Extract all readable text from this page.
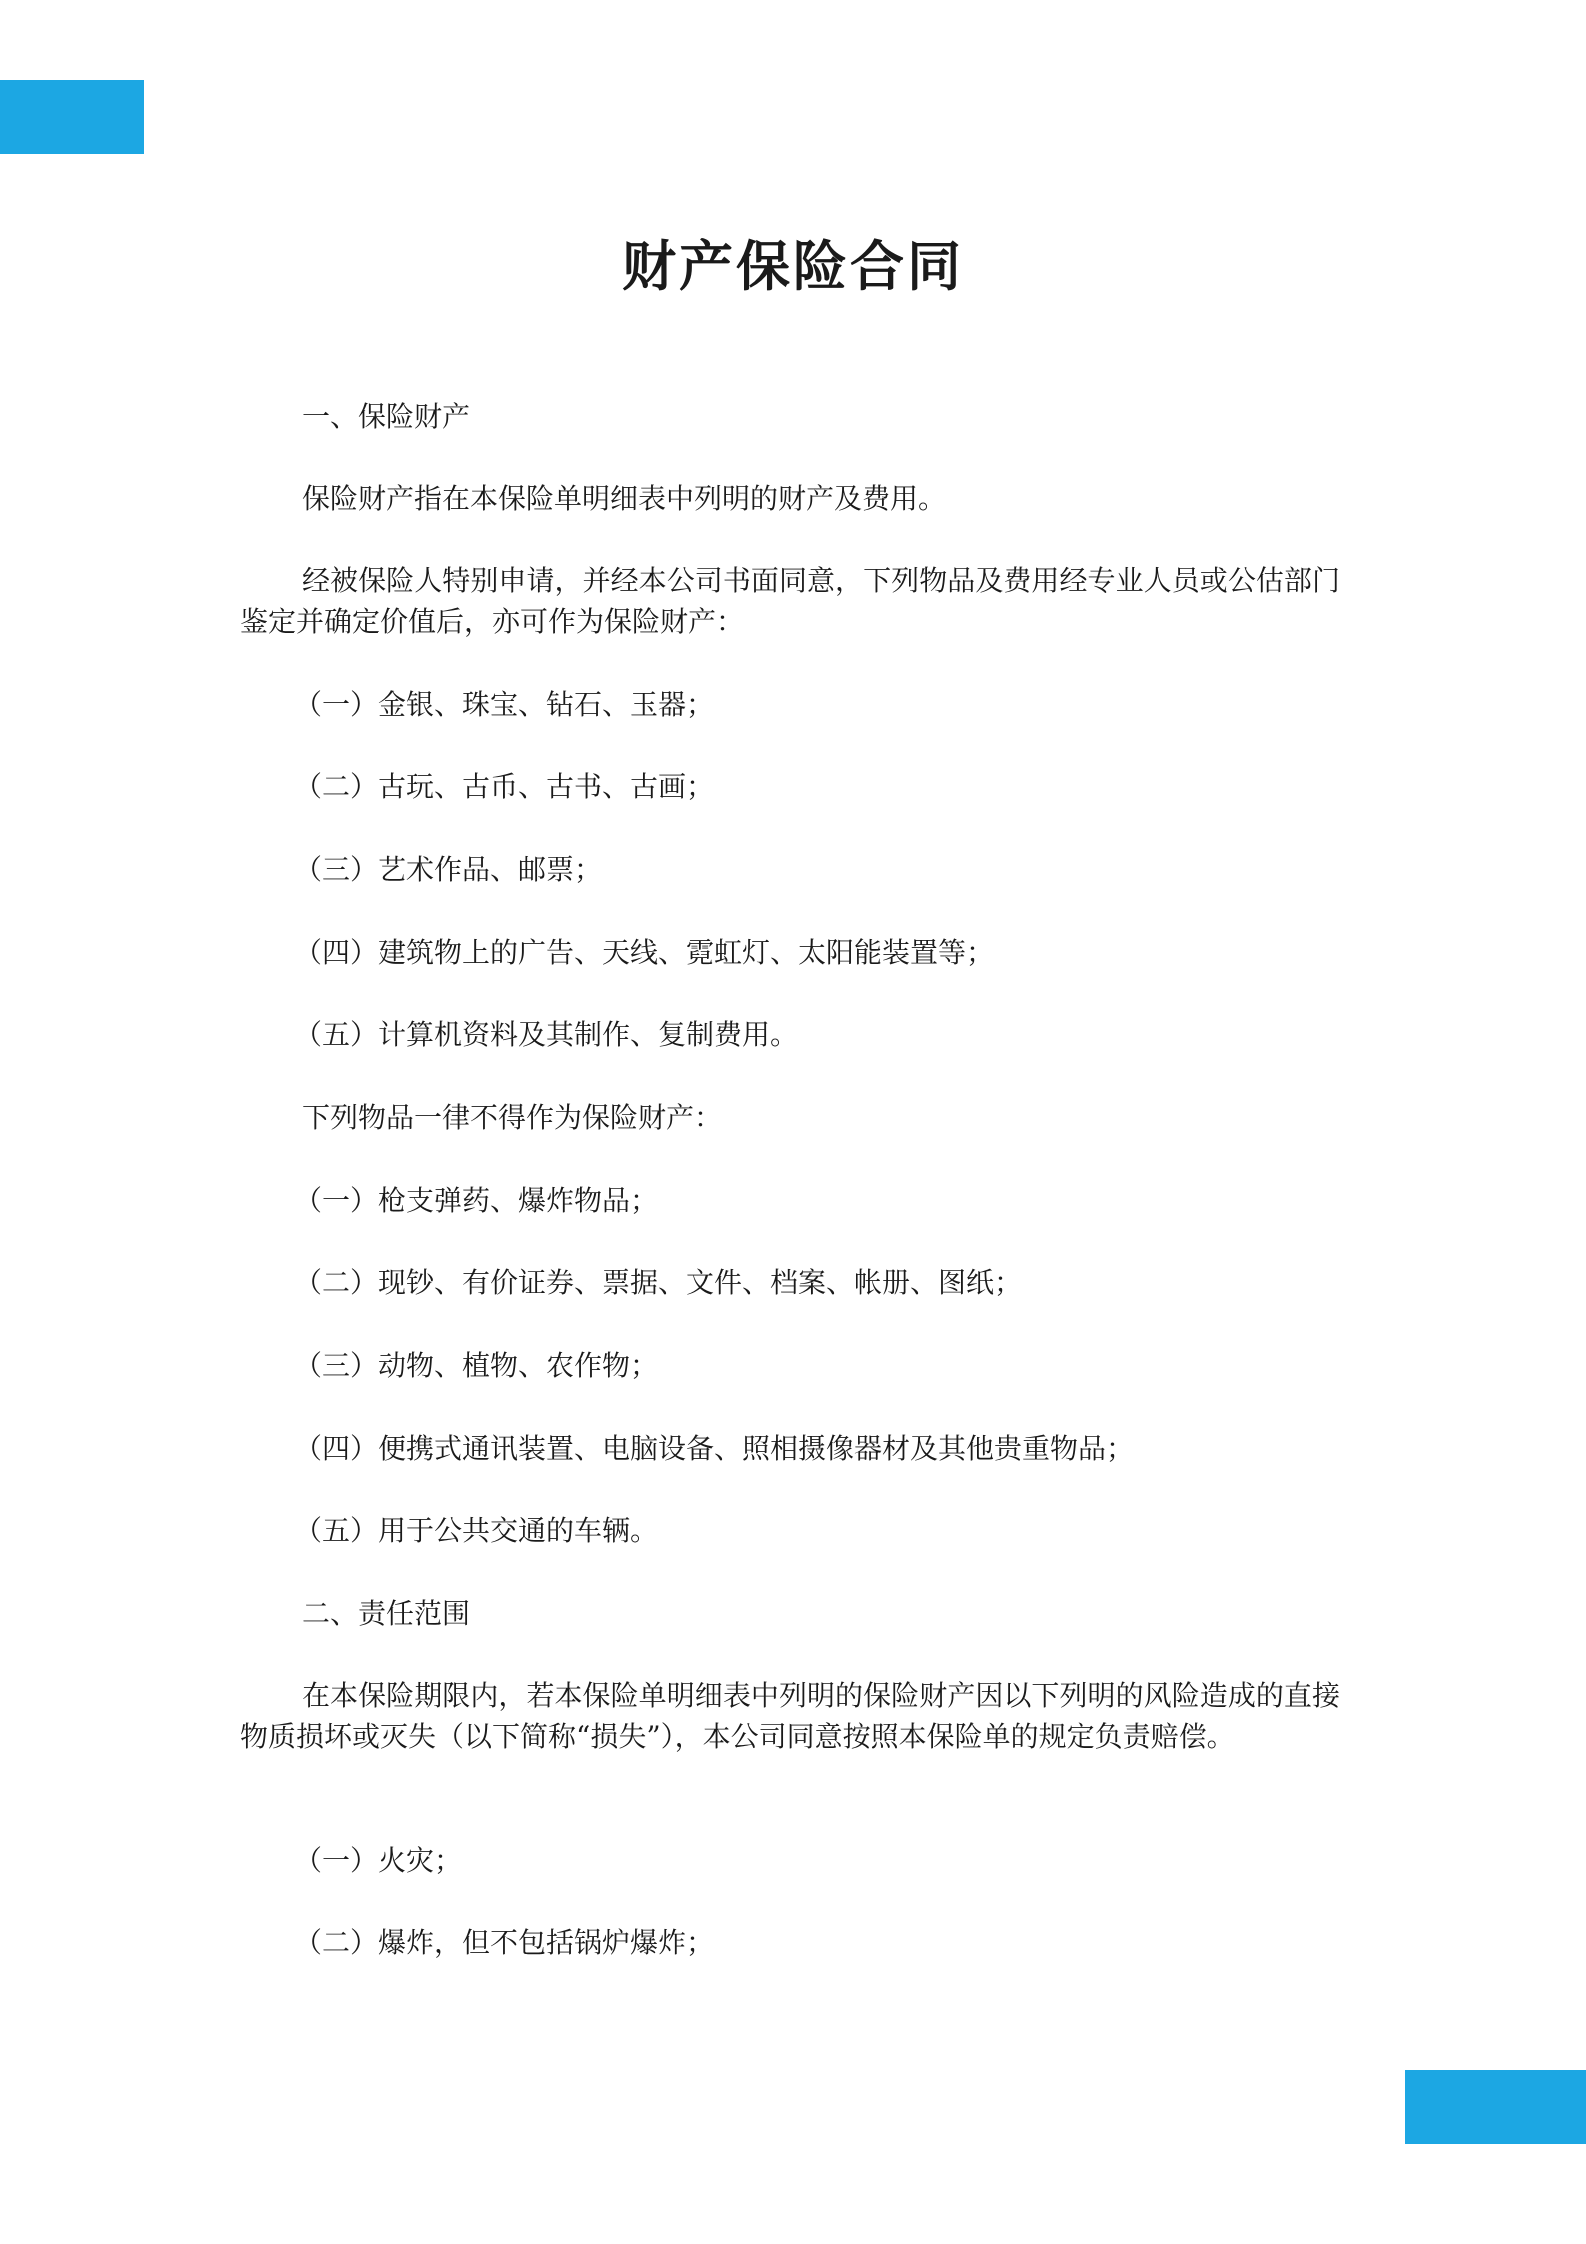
财产保险合同

一、保险财产

保险财产指在本保险单明细表中列明的财产及费用。

经被保险人特别申请，并经本公司书面同意，下列物品及费用经专业人员或公估部门鉴定并确定价值后，亦可作为保险财产：

（一）金银、珠宝、钻石、玉器；

（二）古玩、古币、古书、古画；

（三）艺术作品、邮票；

（四）建筑物上的广告、天线、霓虹灯、太阳能装置等；

（五）计算机资料及其制作、复制费用。

下列物品一律不得作为保险财产：

（一）枪支弹药、爆炸物品；

（二）现钞、有价证券、票据、文件、档案、帐册、图纸；

（三）动物、植物、农作物；

（四）便携式通讯装置、电脑设备、照相摄像器材及其他贵重物品；

（五）用于公共交通的车辆。

二、责任范围

在本保险期限内，若本保险单明细表中列明的保险财产因以下列明的风险造成的直接物质损坏或灭失（以下简称“损失”），本公司同意按照本保险单的规定负责赔偿。

（一）火灾；

（二）爆炸，但不包括锅炉爆炸；
